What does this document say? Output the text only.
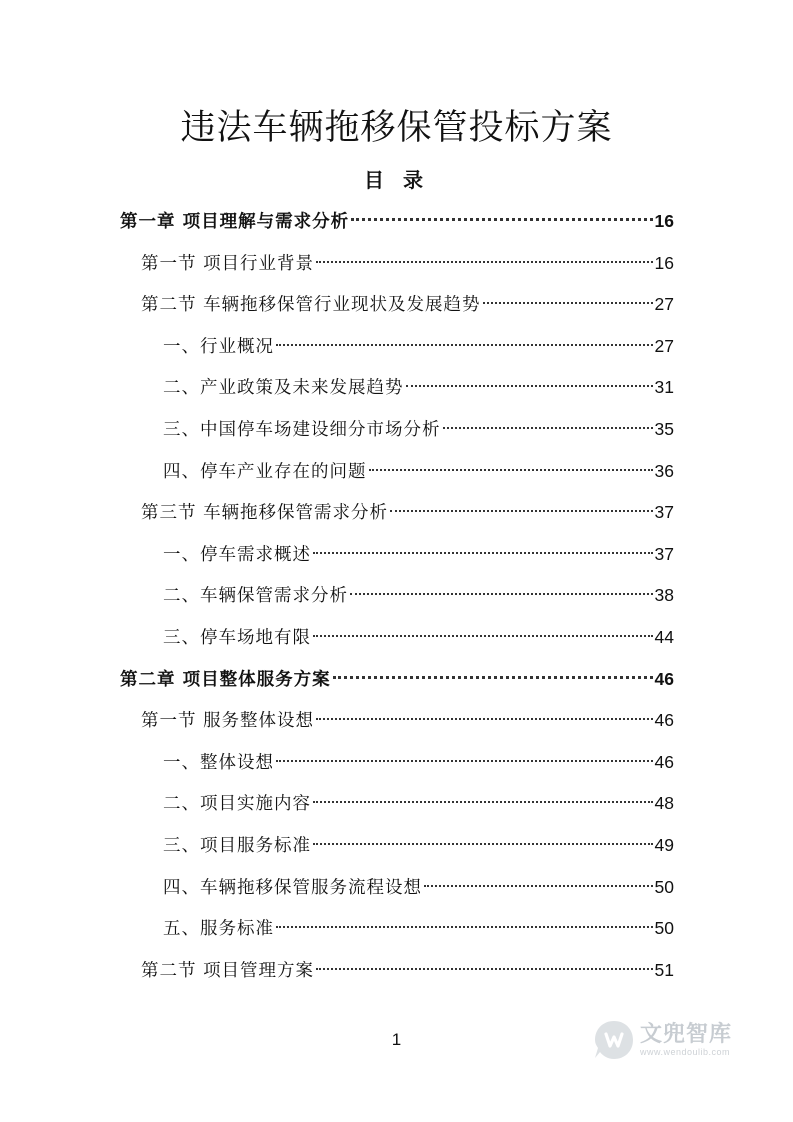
违法车辆拖移保管投标方案
目 录
第一章 项目理解与需求分析	16
第一节 项目行业背景	16
第二节 车辆拖移保管行业现状及发展趋势	27
一、行业概况	27
二、产业政策及未来发展趋势	31
三、中国停车场建设细分市场分析	35
四、停车产业存在的问题	36
第三节 车辆拖移保管需求分析	37
一、停车需求概述	37
二、车辆保管需求分析	38
三、停车场地有限	44
第二章 项目整体服务方案	46
第一节 服务整体设想	46
一、整体设想	46
二、项目实施内容	48
三、项目服务标准	49
四、车辆拖移保管服务流程设想	50
五、服务标准	50
第二节 项目管理方案	51
1	文兜智库
www.wendoulib.com
